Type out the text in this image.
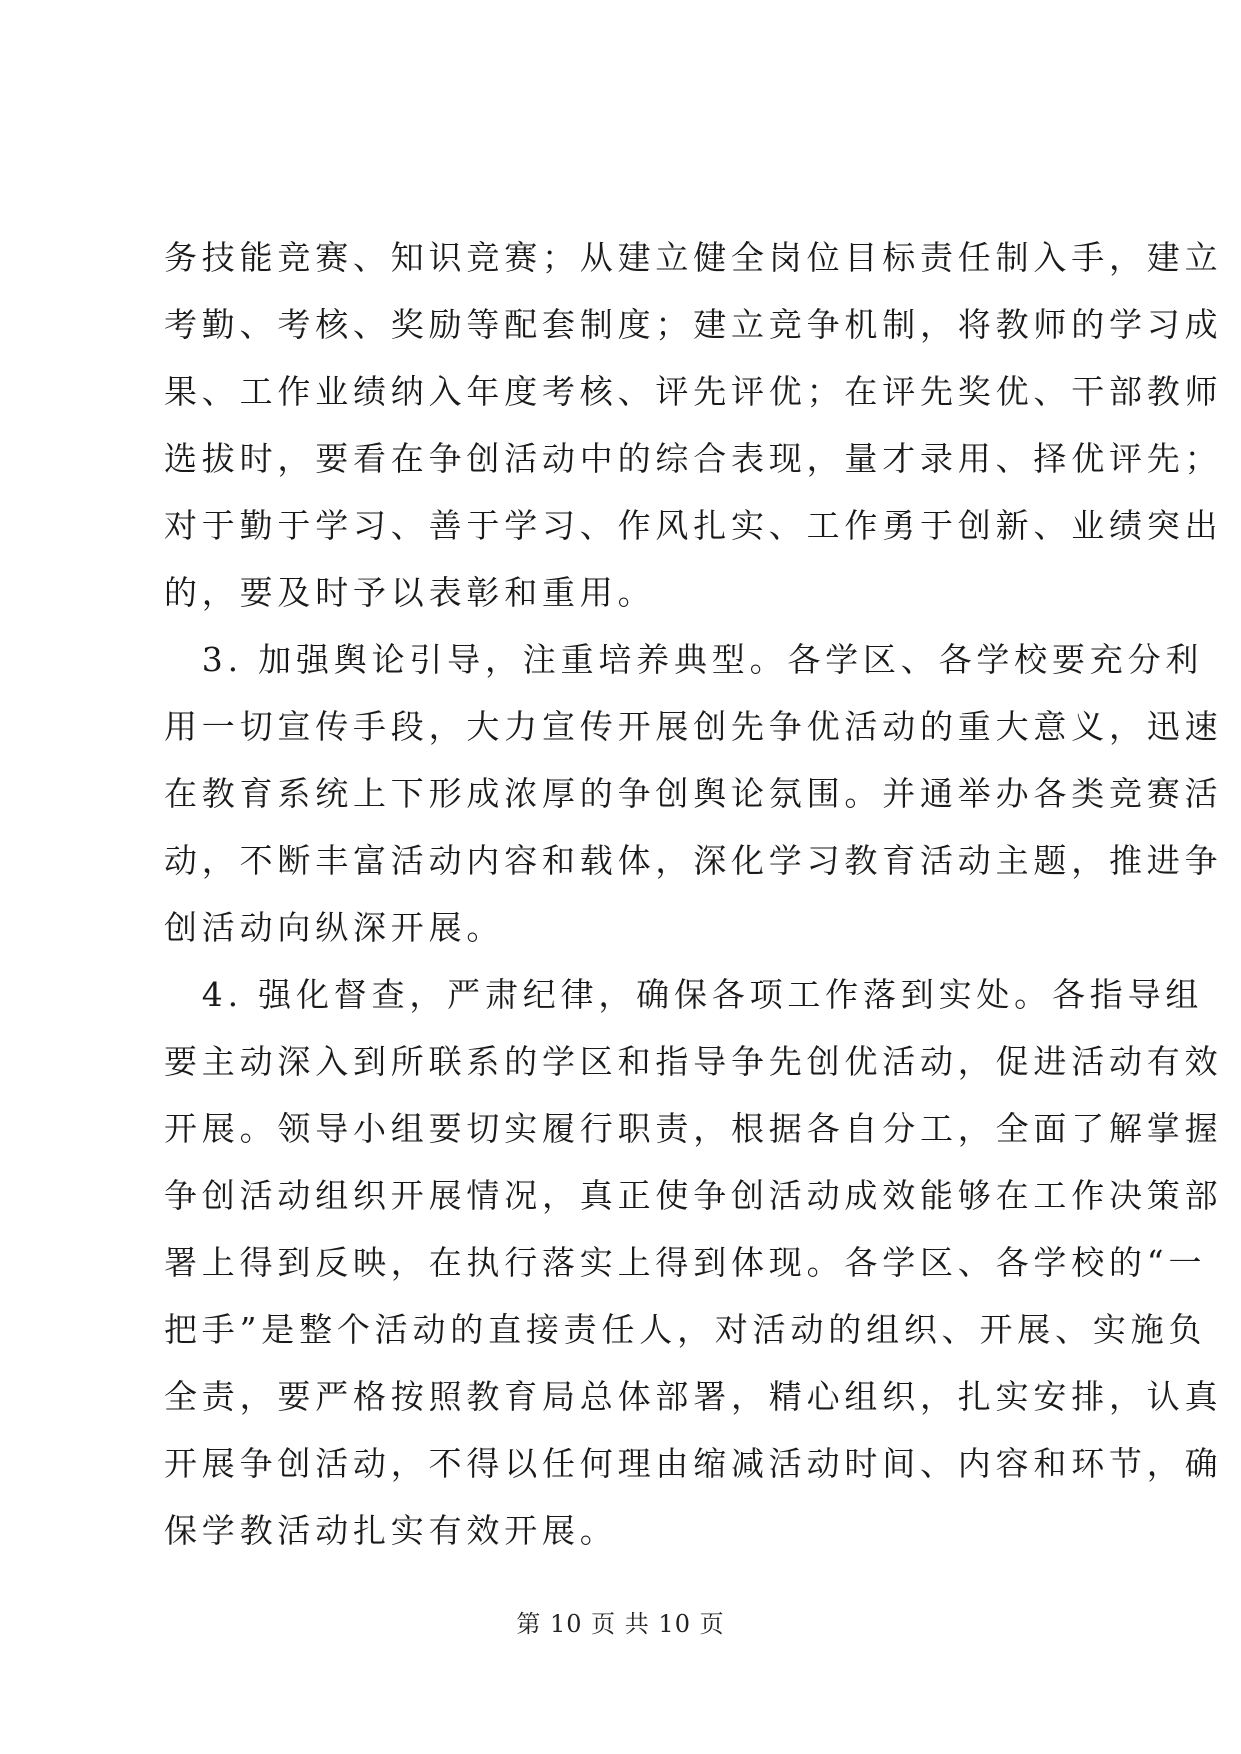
务技能竞赛、知识竞赛；从建立健全岗位目标责任制入手，建立
考勤、考核、奖励等配套制度；建立竞争机制，将教师的学习成
果、工作业绩纳入年度考核、评先评优；在评先奖优、干部教师
选拔时，要看在争创活动中的综合表现，量才录用、择优评先；
对于勤于学习、善于学习、作风扎实、工作勇于创新、业绩突出
的，要及时予以表彰和重用。
　3. 加强舆论引导，注重培养典型。各学区、各学校要充分利
用一切宣传手段，大力宣传开展创先争优活动的重大意义，迅速
在教育系统上下形成浓厚的争创舆论氛围。并通举办各类竞赛活
动，不断丰富活动内容和载体，深化学习教育活动主题，推进争
创活动向纵深开展。
　4. 强化督查，严肃纪律，确保各项工作落到实处。各指导组
要主动深入到所联系的学区和指导争先创优活动，促进活动有效
开展。领导小组要切实履行职责，根据各自分工，全面了解掌握
争创活动组织开展情况，真正使争创活动成效能够在工作决策部
署上得到反映，在执行落实上得到体现。各学区、各学校的“一
把手”是整个活动的直接责任人，对活动的组织、开展、实施负
全责，要严格按照教育局总体部署，精心组织，扎实安排，认真
开展争创活动，不得以任何理由缩减活动时间、内容和环节，确
保学教活动扎实有效开展。
第 10 页 共 10 页
